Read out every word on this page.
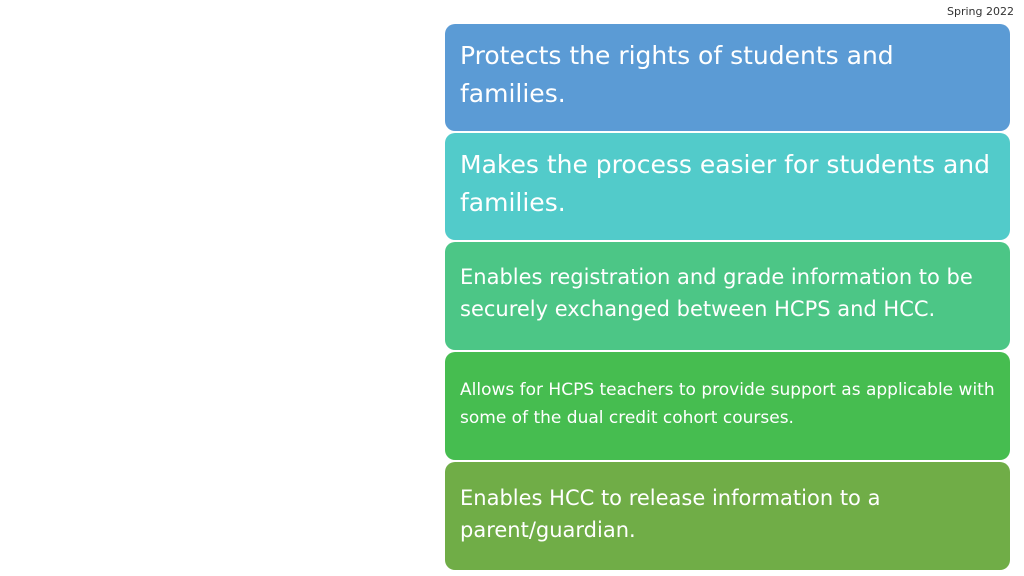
Spring 2022
Protects the rights of students and families.
Makes the process easier for students and families.
Enables registration and grade information to be securely exchanged between HCPS and HCC.
Allows for HCPS teachers to provide support as applicable with some of the dual credit cohort courses.
Enables HCC to release information to a parent/guardian.
